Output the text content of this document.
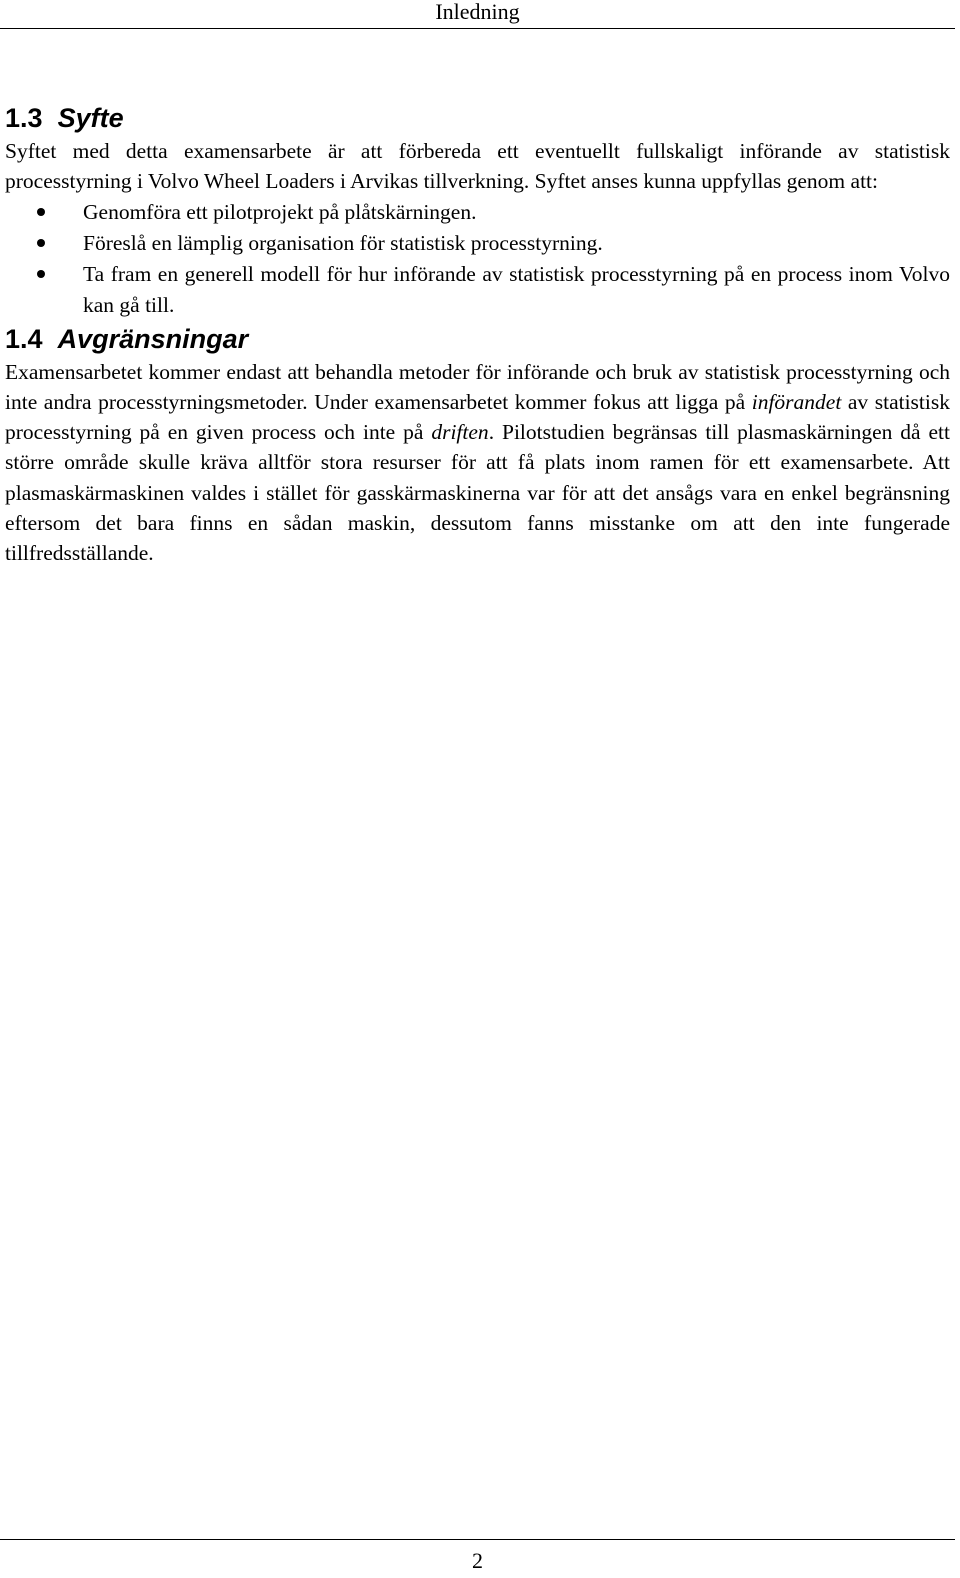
Inledning
1.3 Syfte

Syftet med detta examensarbete är att förbereda ett eventuellt fullskaligt införande av statistisk processtyrning i Volvo Wheel Loaders i Arvikas tillverkning. Syftet anses kunna uppfyllas genom att:

Genomföra ett pilotprojekt på plåtskärningen.
Föreslå en lämplig organisation för statistisk processtyrning.
Ta fram en generell modell för hur införande av statistisk processtyrning på en process inom Volvo kan gå till.
1.4 Avgränsningar

Examensarbetet kommer endast att behandla metoder för införande och bruk av statistisk processtyrning och inte andra processtyrningsmetoder. Under examensarbetet kommer fokus att ligga på införandet av statistisk processtyrning på en given process och inte på driften. Pilotstudien begränsas till plasmaskärningen då ett större område skulle kräva alltför stora resurser för att få plats inom ramen för ett examensarbete. Att plasmaskärmaskinen valdes i stället för gasskärmaskinerna var för att det ansågs vara en enkel begränsning eftersom det bara finns en sådan maskin, dessutom fanns misstanke om att den inte fungerade tillfredsställande.

2
